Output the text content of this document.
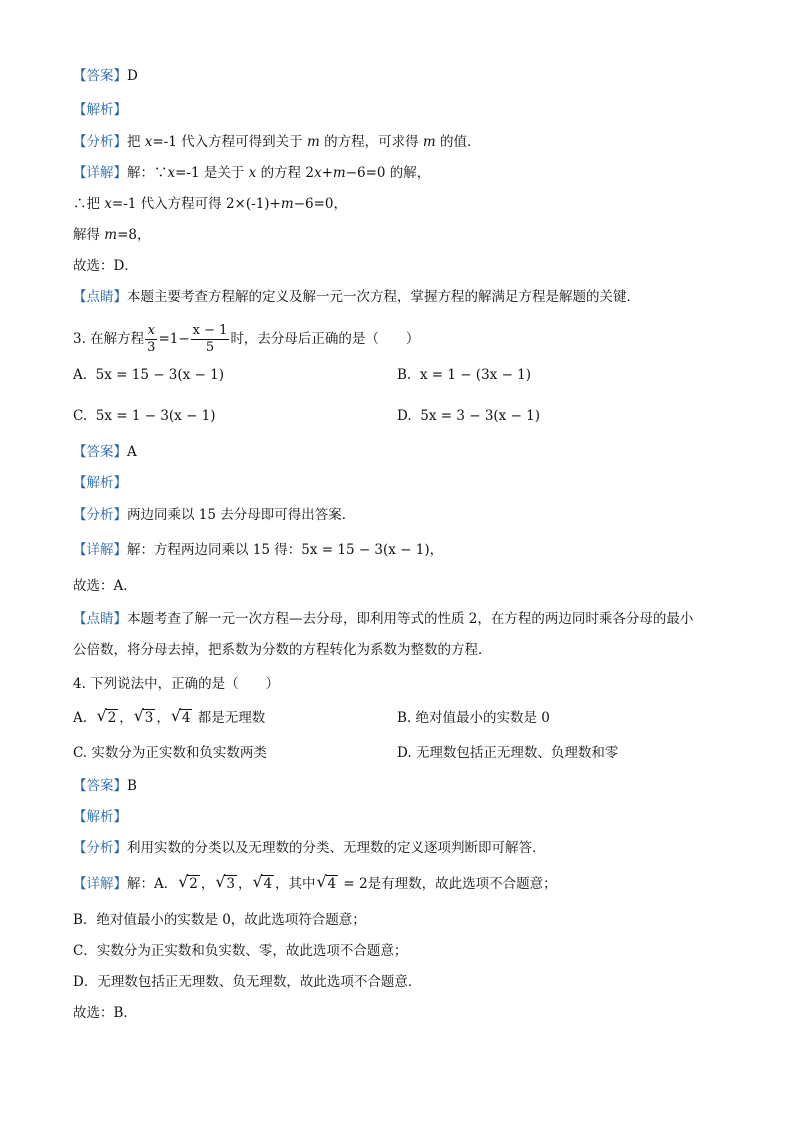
【答案】D
【解析】
【分析】把 x=-1 代入方程可得到关于 m 的方程，可求得 m 的值．
【详解】解：∵x=-1 是关于 x 的方程 2x+m−6=0 的解，
∴把 x=-1 代入方程可得 2×(-1)+m−6=0，
解得 m=8，
故选：D．
【点睛】本题主要考查方程解的定义及解一元一次方程，掌握方程的解满足方程是解题的关键．
3. 在解方程 $\frac{x}{3} =1- \frac{x - 1}{5}$ 时，去分母后正确的是（　　）
A. 5x = 15 − 3(x − 1)	B. x = 1 − (3x − 1)
C. 5x = 1 − 3(x − 1)	D. 5x = 3 − 3(x − 1)
【答案】A
【解析】
【分析】两边同乘以 15 去分母即可得出答案．
【详解】解：方程两边同乘以 15 得：5x = 15 − 3(x − 1)，
故选：A．
【点睛】本题考查了解一元一次方程—去分母，即利用等式的性质 2，在方程的两边同时乘各分母的最小
公倍数，将分母去掉，把系数为分数的方程转化为系数为整数的方程．
4. 下列说法中，正确的是（　　）
A. √ 2 ， √ 3 ， √ 4 都是无理数	B. 绝对值最小的实数是 0
C. 实数分为正实数和负实数两类	D. 无理数包括正无理数、负理数和零
【答案】B
【解析】
【分析】利用实数的分类以及无理数的分类、无理数的定义逐项判断即可解答．
【详解】解：A． √ 2 ， √ 3 ， √ 4 ，其中 √ 4 = 2是有理数，故此选项不合题意；
B．绝对值最小的实数是 0，故此选项符合题意；
C．实数分为正实数和负实数、零，故此选项不合题意；
D．无理数包括正无理数、负无理数，故此选项不合题意．
故选：B．
